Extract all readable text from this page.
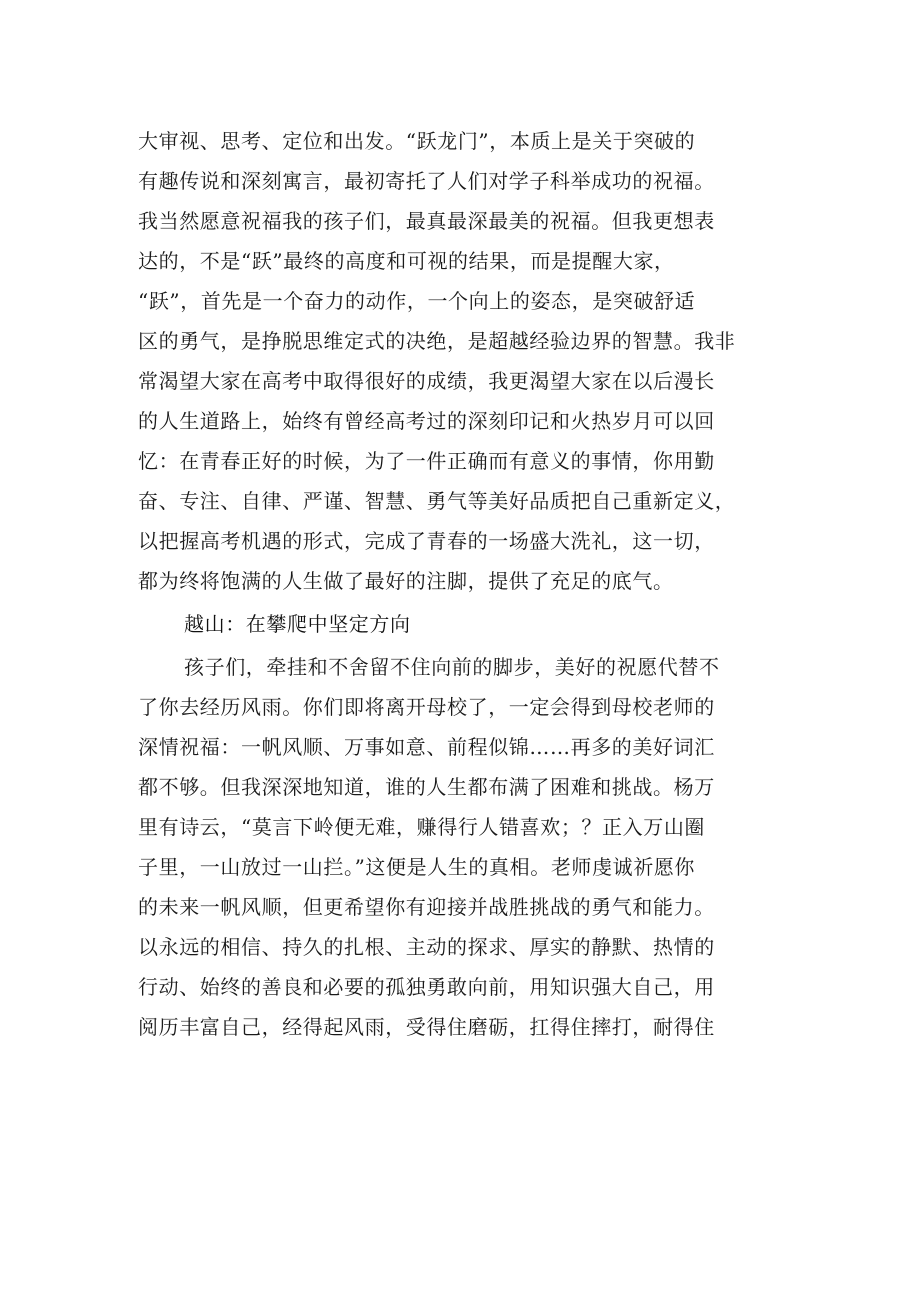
大审视、思考、定位和出发。“跃龙门”，本质上是关于突破的
有趣传说和深刻寓言，最初寄托了人们对学子科举成功的祝福。
我当然愿意祝福我的孩子们，最真最深最美的祝福。但我更想表
达的，不是“跃”最终的高度和可视的结果，而是提醒大家，
“跃”，首先是一个奋力的动作，一个向上的姿态，是突破舒适
区的勇气，是挣脱思维定式的决绝，是超越经验边界的智慧。我非
常渴望大家在高考中取得很好的成绩，我更渴望大家在以后漫长
的人生道路上，始终有曾经高考过的深刻印记和火热岁月可以回
忆：在青春正好的时候，为了一件正确而有意义的事情，你用勤
奋、专注、自律、严谨、智慧、勇气等美好品质把自己重新定义，
以把握高考机遇的形式，完成了青春的一场盛大洗礼，这一切，
都为终将饱满的人生做了最好的注脚，提供了充足的底气。
越山：在攀爬中坚定方向
孩子们，牵挂和不舍留不住向前的脚步，美好的祝愿代替不
了你去经历风雨。你们即将离开母校了，一定会得到母校老师的
深情祝福：一帆风顺、万事如意、前程似锦……再多的美好词汇
都不够。但我深深地知道，谁的人生都布满了困难和挑战。杨万
里有诗云，“莫言下岭便无难，赚得行人错喜欢；？正入万山圈
子里，一山放过一山拦。”这便是人生的真相。老师虔诚祈愿你
的未来一帆风顺，但更希望你有迎接并战胜挑战的勇气和能力。
以永远的相信、持久的扎根、主动的探求、厚实的静默、热情的
行动、始终的善良和必要的孤独勇敢向前，用知识强大自己，用
阅历丰富自己，经得起风雨，受得住磨砺，扛得住摔打，耐得住
